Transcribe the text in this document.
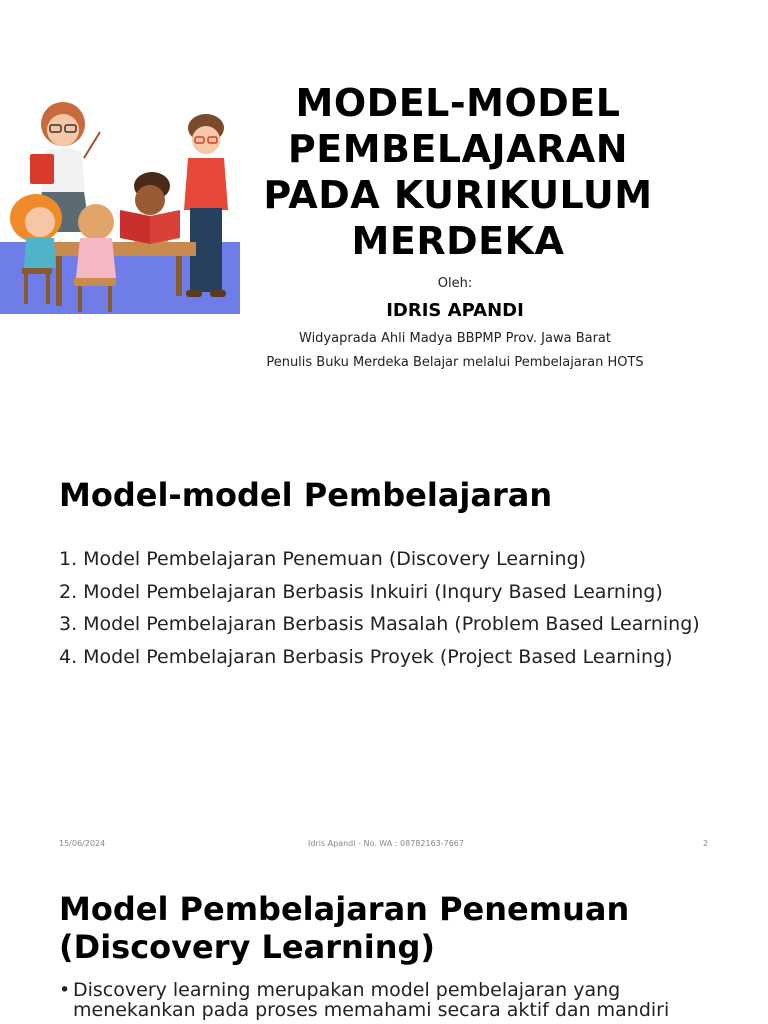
MODEL-MODEL
PEMBELAJARAN
PADA KURIKULUM
MERDEKA
Oleh:
IDRIS APANDI
Widyaprada Ahli Madya BBPMP Prov. Jawa Barat
Penulis Buku Merdeka Belajar melalui Pembelajaran HOTS
Model-model Pembelajaran
1. Model Pembelajaran Penemuan (Discovery Learning)
2. Model Pembelajaran Berbasis Inkuiri (Inqury Based Learning)
3. Model Pembelajaran Berbasis Masalah (Problem Based Learning)
4. Model Pembelajaran Berbasis Proyek (Project Based Learning)
15/06/2024	Idris Apandi - No. WA : 08782163-7667	2
Model Pembelajaran Penemuan
(Discovery Learning)
• Discovery learning merupakan model pembelajaran yang menekankan pada proses memahami secara aktif dan mandiri
